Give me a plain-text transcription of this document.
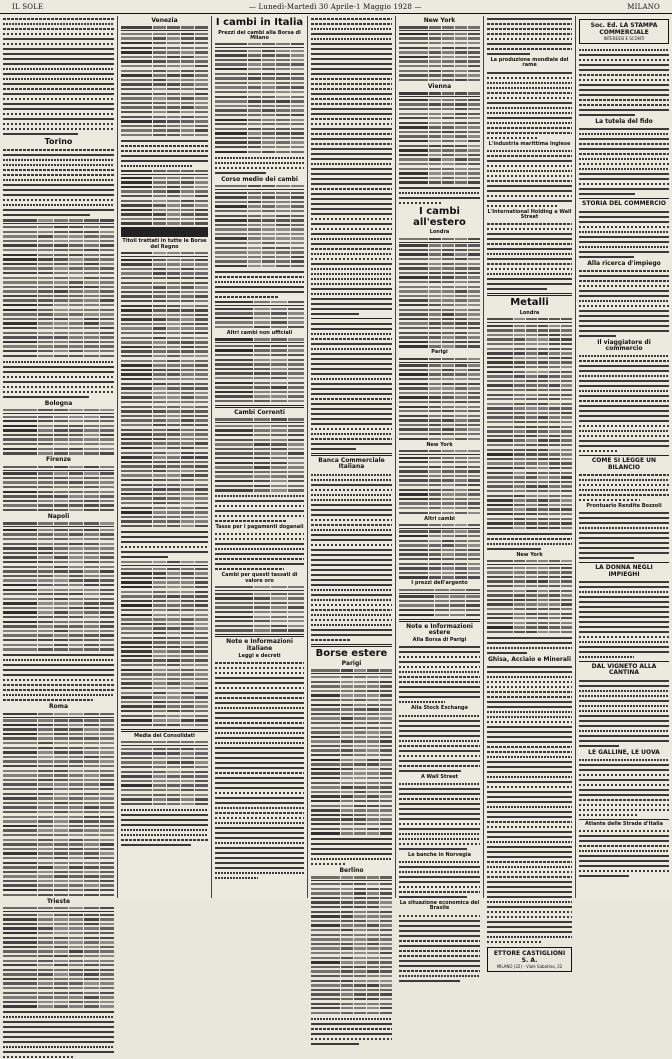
IL SOLE	— Lunedì-Martedì 30 Aprile-1 Maggio 1928 —	MILANO
Torino
Bologna
Firenze
Napoli
Roma
Trieste
Venezia
Titoli trattati in tutte le Borse del Regno
Media dei Consolidati
I cambi in Italia
Prezzi dei cambi alla Borsa di Milano
Corso medio dei cambi
Altri cambi non ufficiali
Cambi Correnti
Tasse per i pagamenti doganali
Cambi per questi tassati di valore oro
Note e Informazioni italiane
Leggi e decreti
Banca Commerciale Italiana
Borse estere
Parigi
Berlino
New York
Vienna
I cambi all'estero
Londra
Parigi
New York
Altri cambi
I prezzi dell'argento
Note e Informazioni estere
Alla Borsa di Parigi
Alla Stock Exchange
A Wall Street
Le banche in Norvegia
La situazione economica del Brasile
La produzione mondiale del rame
L'industria marittima inglese
L'International Holding a Wall Street
Metalli
Londra
New York
Ghisa, Acciaio e Minerali
ETTORE CASTIGLIONI S. A.
MILANO (22) - Viale Sabotino, 22
Soc. Ed. LA STAMPA COMMERCIALE
INTERESSI E SCONTI
La tutela del fido
STORIA DEL COMMERCIO
Alla ricerca d'impiego
Il viaggiatore di commercio
COME SI LEGGE UN BILANCIO
Prontuario Rendite Bozzoli
LA DONNA NEGLI IMPIEGHI
DAL VIGNETO ALLA CANTINA
LE GALLINE, LE UOVA
Atlante delle Strade d'Italia
